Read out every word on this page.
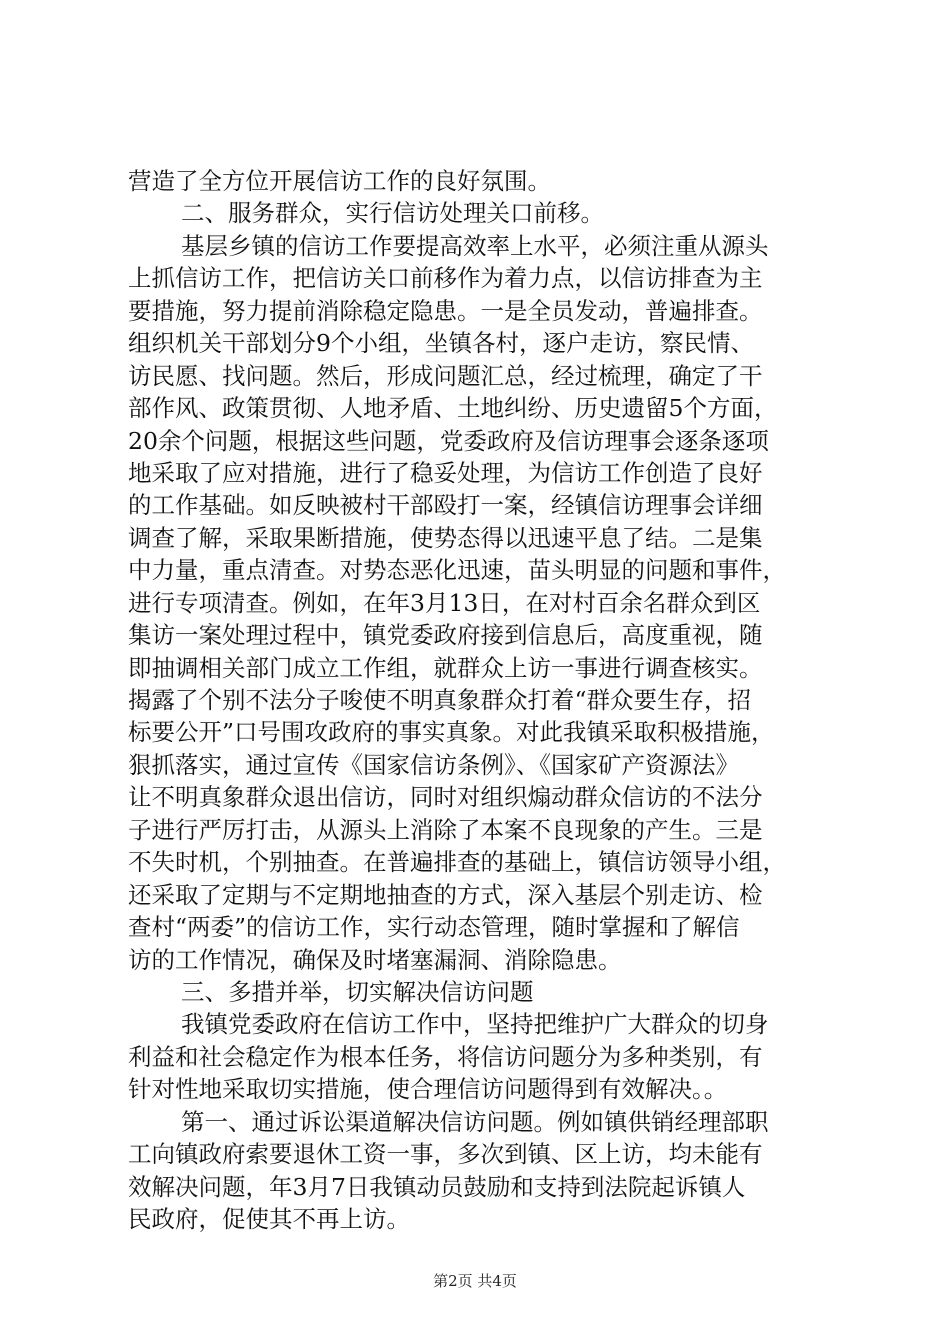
营造了全方位开展信访工作的良好氛围。
二、服务群众，实行信访处理关口前移。
基层乡镇的信访工作要提高效率上水平，必须注重从源头
上抓信访工作，把信访关口前移作为着力点，以信访排查为主
要措施，努力提前消除稳定隐患。一是全员发动，普遍排查。
组织机关干部划分9个小组，坐镇各村，逐户走访，察民情、
访民愿、找问题。然后，形成问题汇总，经过梳理，确定了干
部作风、政策贯彻、人地矛盾、土地纠纷、历史遗留5个方面，
20余个问题，根据这些问题，党委政府及信访理事会逐条逐项
地采取了应对措施，进行了稳妥处理，为信访工作创造了良好
的工作基础。如反映被村干部殴打一案，经镇信访理事会详细
调查了解，采取果断措施，使势态得以迅速平息了结。二是集
中力量，重点清查。对势态恶化迅速，苗头明显的问题和事件，
进行专项清查。例如，在年3月13日，在对村百余名群众到区
集访一案处理过程中，镇党委政府接到信息后，高度重视，随
即抽调相关部门成立工作组，就群众上访一事进行调查核实。
揭露了个别不法分子唆使不明真象群众打着“群众要生存，招
标要公开”口号围攻政府的事实真象。对此我镇采取积极措施，
狠抓落实，通过宣传《国家信访条例》、《国家矿产资源法》
让不明真象群众退出信访，同时对组织煽动群众信访的不法分
子进行严厉打击，从源头上消除了本案不良现象的产生。三是
不失时机，个别抽查。在普遍排查的基础上，镇信访领导小组，
还采取了定期与不定期地抽查的方式，深入基层个别走访、检
查村“两委”的信访工作，实行动态管理，随时掌握和了解信
访的工作情况，确保及时堵塞漏洞、消除隐患。
三、多措并举，切实解决信访问题
我镇党委政府在信访工作中，坚持把维护广大群众的切身
利益和社会稳定作为根本任务，将信访问题分为多种类别，有
针对性地采取切实措施，使合理信访问题得到有效解决。。
第一、通过诉讼渠道解决信访问题。例如镇供销经理部职
工向镇政府索要退休工资一事，多次到镇、区上访，均未能有
效解决问题，年3月7日我镇动员鼓励和支持到法院起诉镇人
民政府，促使其不再上访。
第2页 共4页
